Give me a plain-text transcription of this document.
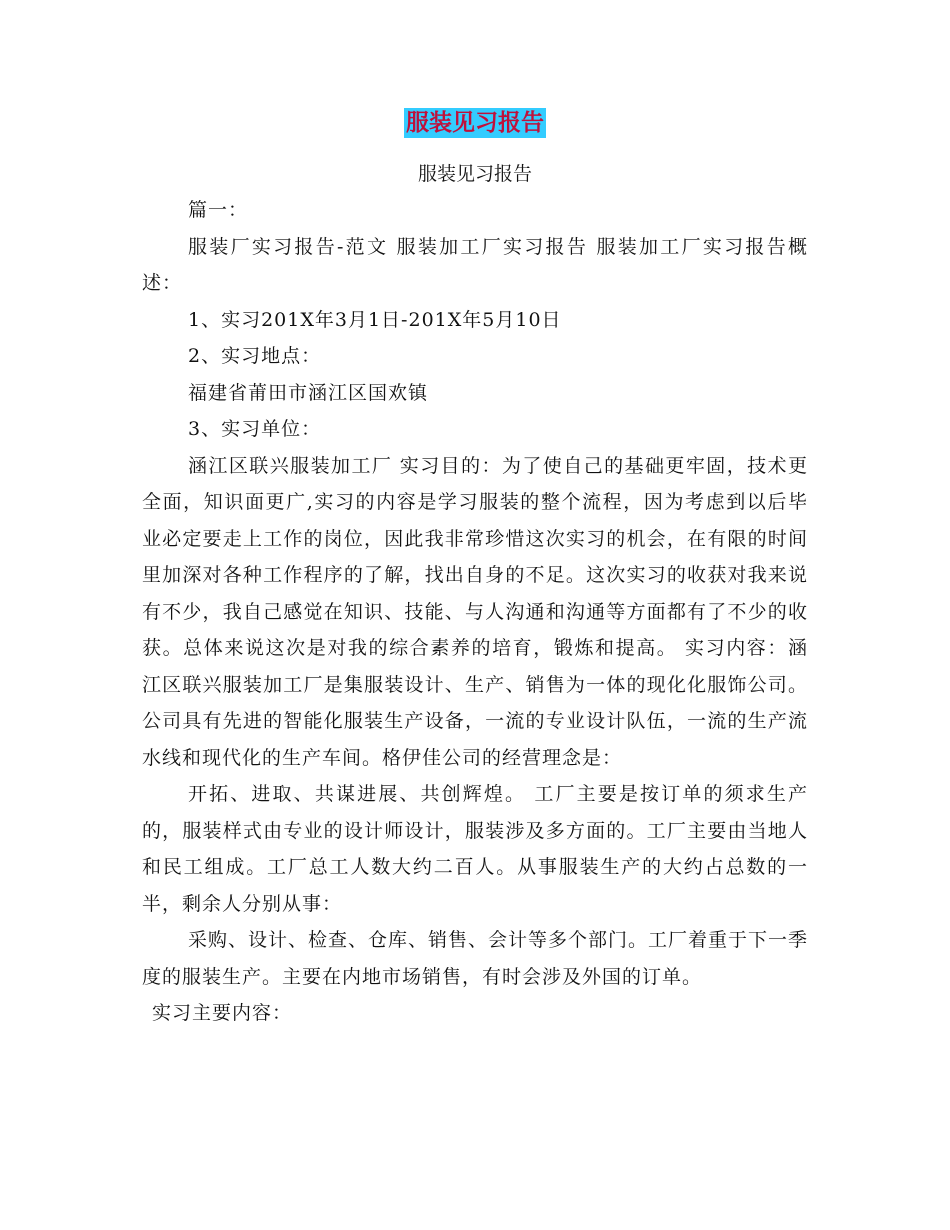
服装见习报告
服装见习报告

篇一：

服装厂实习报告-范文 服装加工厂实习报告 服装加工厂实习报告概述：

1、实习201X年3月1日-201X年5月10日

2、实习地点：

福建省莆田市涵江区国欢镇

3、实习单位：

涵江区联兴服装加工厂 实习目的：为了使自己的基础更牢固，技术更全面，知识面更广,实习的内容是学习服装的整个流程，因为考虑到以后毕业必定要走上工作的岗位，因此我非常珍惜这次实习的机会，在有限的时间里加深对各种工作程序的了解，找出自身的不足。这次实习的收获对我来说有不少，我自己感觉在知识、技能、与人沟通和沟通等方面都有了不少的收获。总体来说这次是对我的综合素养的培育，锻炼和提高。 实习内容：涵江区联兴服装加工厂是集服装设计、生产、销售为一体的现化化服饰公司。公司具有先进的智能化服装生产设备，一流的专业设计队伍，一流的生产流水线和现代化的生产车间。格伊佳公司的经营理念是：

开拓、进取、共谋进展、共创辉煌。 工厂主要是按订单的须求生产的，服装样式由专业的设计师设计，服装涉及多方面的。工厂主要由当地人和民工组成。工厂总工人数大约二百人。从事服装生产的大约占总数的一半，剩余人分别从事：

采购、设计、检查、仓库、销售、会计等多个部门。工厂着重于下一季度的服装生产。主要在内地市场销售，有时会涉及外国的订单。

实习主要内容：
